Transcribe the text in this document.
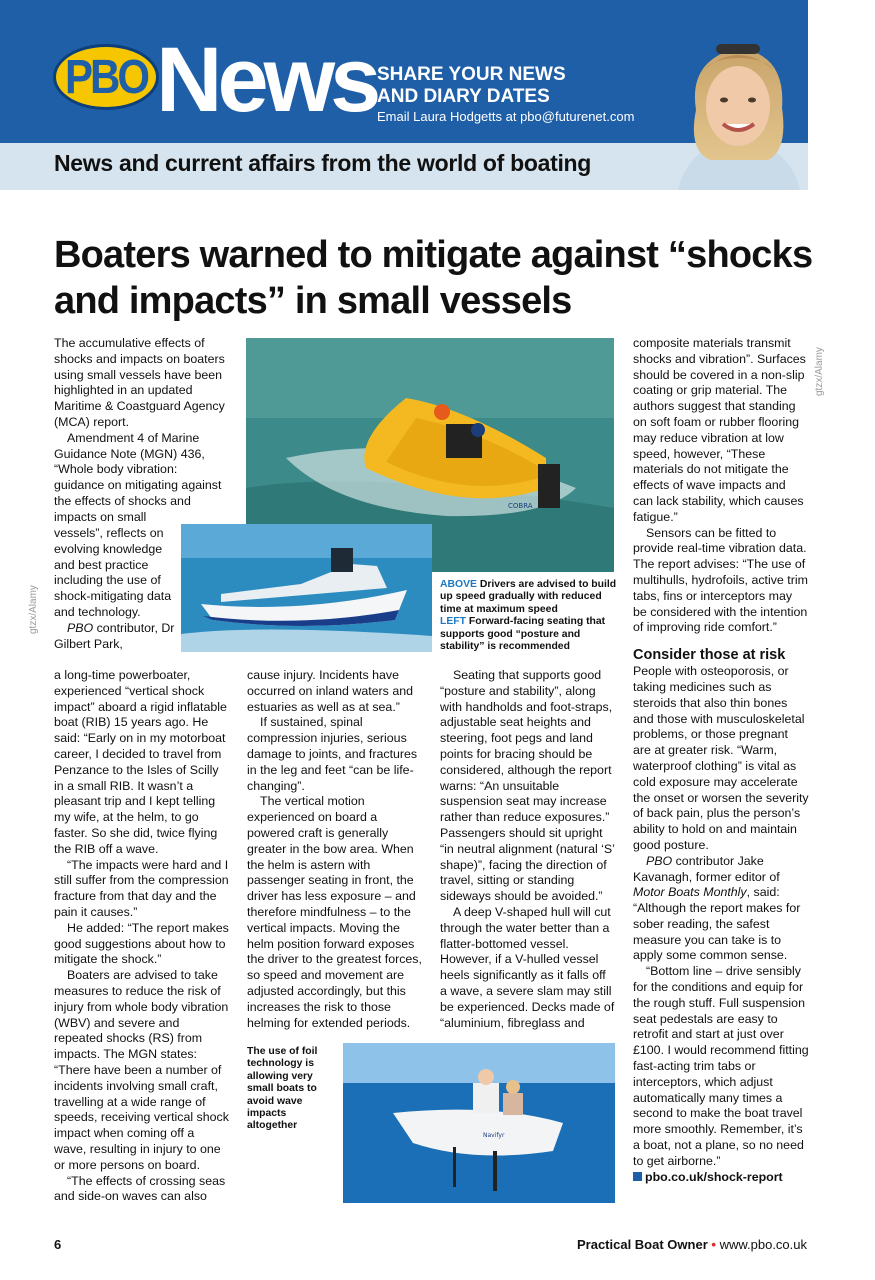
PBO News SHARE YOUR NEWS
AND DIARY DATES
Email Laura Hodgetts at pbo@futurenet.com
News and current affairs from the world of boating
Boaters warned to mitigate against “shocks and impacts” in small vessels
COBRA
Navifyr
ABOVE Drivers are advised to build up speed gradually with reduced time at maximum speed
LEFT Forward-facing seating that supports good “posture and stability” is recommended
The use of foil technology is allowing very small boats to avoid wave impacts altogether
gtzx/Alamy
gtzx/Alamy

The accumulative effects of shocks and impacts on boaters using small vessels have been highlighted in an updated Maritime & Coastguard Agency (MCA) report.

Amendment 4 of Marine Guidance Note (MGN) 436, “Whole body vibration: guidance on mitigating against the effects of shocks and impacts on small

vessels”, reflects on evolving knowledge and best practice including the use of shock-mitigating data and technology.

PBO contributor, Dr Gilbert Park,

a long-time powerboater, experienced “vertical shock impact” aboard a rigid inflatable boat (RIB) 15 years ago. He said: “Early on in my motorboat career, I decided to travel from Penzance to the Isles of Scilly in a small RIB. It wasn’t a pleasant trip and I kept telling my wife, at the helm, to go faster. So she did, twice flying the RIB off a wave.

“The impacts were hard and I still suffer from the compression fracture from that day and the pain it causes.”

He added: “The report makes good suggestions about how to mitigate the shock.”

Boaters are advised to take measures to reduce the risk of injury from whole body vibration (WBV) and severe and repeated shocks (RS) from impacts. The MGN states: “There have been a number of incidents involving small craft, travelling at a wide range of speeds, receiving vertical shock impact when coming off a wave, resulting in injury to one or more persons on board.

“The effects of crossing seas and side-on waves can also

cause injury. Incidents have occurred on inland waters and estuaries as well as at sea.”

If sustained, spinal compression injuries, serious damage to joints, and fractures in the leg and feet “can be life-changing”.

The vertical motion experienced on board a powered craft is generally greater in the bow area. When the helm is astern with passenger seating in front, the driver has less exposure – and therefore mindfulness – to the vertical impacts. Moving the helm position forward exposes the driver to the greatest forces, so speed and movement are adjusted accordingly, but this increases the risk to those helming for extended periods.

Seating that supports good “posture and stability”, along with handholds and foot-straps, adjustable seat heights and steering, foot pegs and land points for bracing should be considered, although the report warns: “An unsuitable suspension seat may increase rather than reduce exposures.” Passengers should sit upright “in neutral alignment (natural ‘S’ shape)”, facing the direction of travel, sitting or standing sideways should be avoided.”

A deep V-shaped hull will cut through the water better than a flatter-bottomed vessel. However, if a V-hulled vessel heels significantly as it falls off a wave, a severe slam may still be experienced. Decks made of “aluminium, fibreglass and

composite materials transmit shocks and vibration”. Surfaces should be covered in a non-slip coating or grip material. The authors suggest that standing on soft foam or rubber flooring may reduce vibration at low speed, however, “These materials do not mitigate the effects of wave impacts and can lack stability, which causes fatigue.”

Sensors can be fitted to provide real-time vibration data. The report advises: “The use of multihulls, hydrofoils, active trim tabs, fins or interceptors may be considered with the intention of improving ride comfort.”

Consider those at risk

People with osteoporosis, or taking medicines such as steroids that also thin bones and those with musculoskeletal problems, or those pregnant are at greater risk. “Warm, waterproof clothing” is vital as cold exposure may accelerate the onset or worsen the severity of back pain, plus the person’s ability to hold on and maintain good posture.

PBO contributor Jake Kavanagh, former editor of Motor Boats Monthly, said: “Although the report makes for sober reading, the safest measure you can take is to apply some common sense.

“Bottom line – drive sensibly for the conditions and equip for the rough stuff. Full suspension seat pedestals are easy to retrofit and start at just over £100. I would recommend fitting fast-acting trim tabs or interceptors, which adjust automatically many times a second to make the boat travel more smoothly. Remember, it’s a boat, not a plane, so no need to get airborne.”

pbo.co.uk/shock-report

6	Practical Boat Owner • www.pbo.co.uk
